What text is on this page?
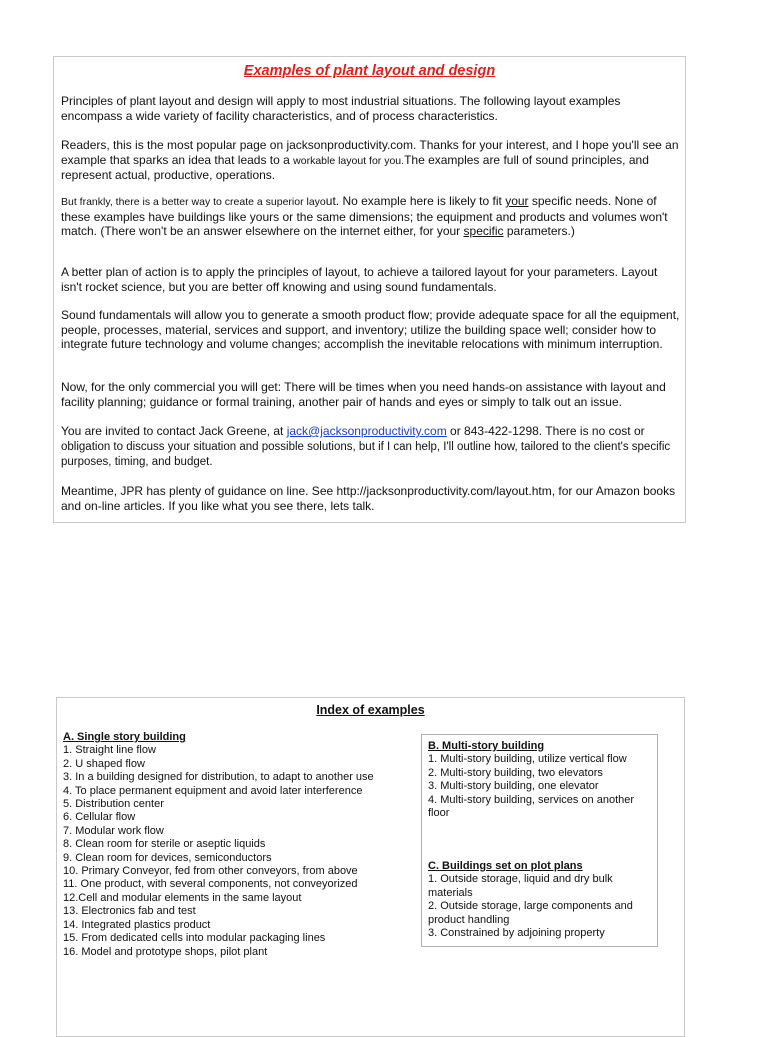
Examples of plant layout and design

Principles of plant layout and design will apply to most industrial situations. The following layout examples encompass a wide variety of facility characteristics, and of process characteristics.

Readers, this is the most popular page on jacksonproductivity.com. Thanks for your interest, and I hope you'll see an example that sparks an idea that leads to a workable layout for you.The examples are full of sound principles, and represent actual, productive, operations.

But frankly, there is a better way to create a superior layout. No example here is likely to fit your specific needs. None of these examples have buildings like yours or the same dimensions; the equipment and products and volumes won't match. (There won't be an answer elsewhere on the internet either, for your specific parameters.)

A better plan of action is to apply the principles of layout, to achieve a tailored layout for your parameters. Layout isn't rocket science, but you are better off knowing and using sound fundamentals.

Sound fundamentals will allow you to generate a smooth product flow; provide adequate space for all the equipment, people, processes, material, services and support, and inventory; utilize the building space well; consider how to integrate future technology and volume changes; accomplish the inevitable relocations with minimum interruption.

Now, for the only commercial you will get: There will be times when you need hands-on assistance with layout and facility planning; guidance or formal training, another pair of hands and eyes or simply to talk out an issue.

You are invited to contact Jack Greene, at jack@jacksonproductivity.com or 843-422-1298. There is no cost or obligation to discuss your situation and possible solutions, but if I can help, I'll outline how, tailored to the client's specific purposes, timing, and budget.

Meantime, JPR has plenty of guidance on line. See http://jacksonproductivity.com/layout.htm, for our Amazon books and on-line articles. If you like what you see there, lets talk.

Index of examples
A. Single story building
1. Straight line flow
2. U shaped flow
3. In a building designed for distribution, to adapt to another use
4. To place permanent equipment and avoid later interference
5. Distribution center
6. Cellular flow
7. Modular work flow
8. Clean room for sterile or aseptic liquids
9. Clean room for devices, semiconductors
10. Primary Conveyor, fed from other conveyors, from above
11. One product, with several components, not conveyorized
12.Cell and modular elements in the same layout
13. Electronics fab and test
14. Integrated plastics product
15. From dedicated cells into modular packaging lines
16. Model and prototype shops, pilot plant
B. Multi-story building
1. Multi-story building, utilize vertical flow
2. Multi-story building, two elevators
3. Multi-story building, one elevator
4. Multi-story building, services on another floor
C. Buildings set on plot plans
1. Outside storage, liquid and dry bulk materials
2. Outside storage, large components and product handling
3. Constrained by adjoining property
